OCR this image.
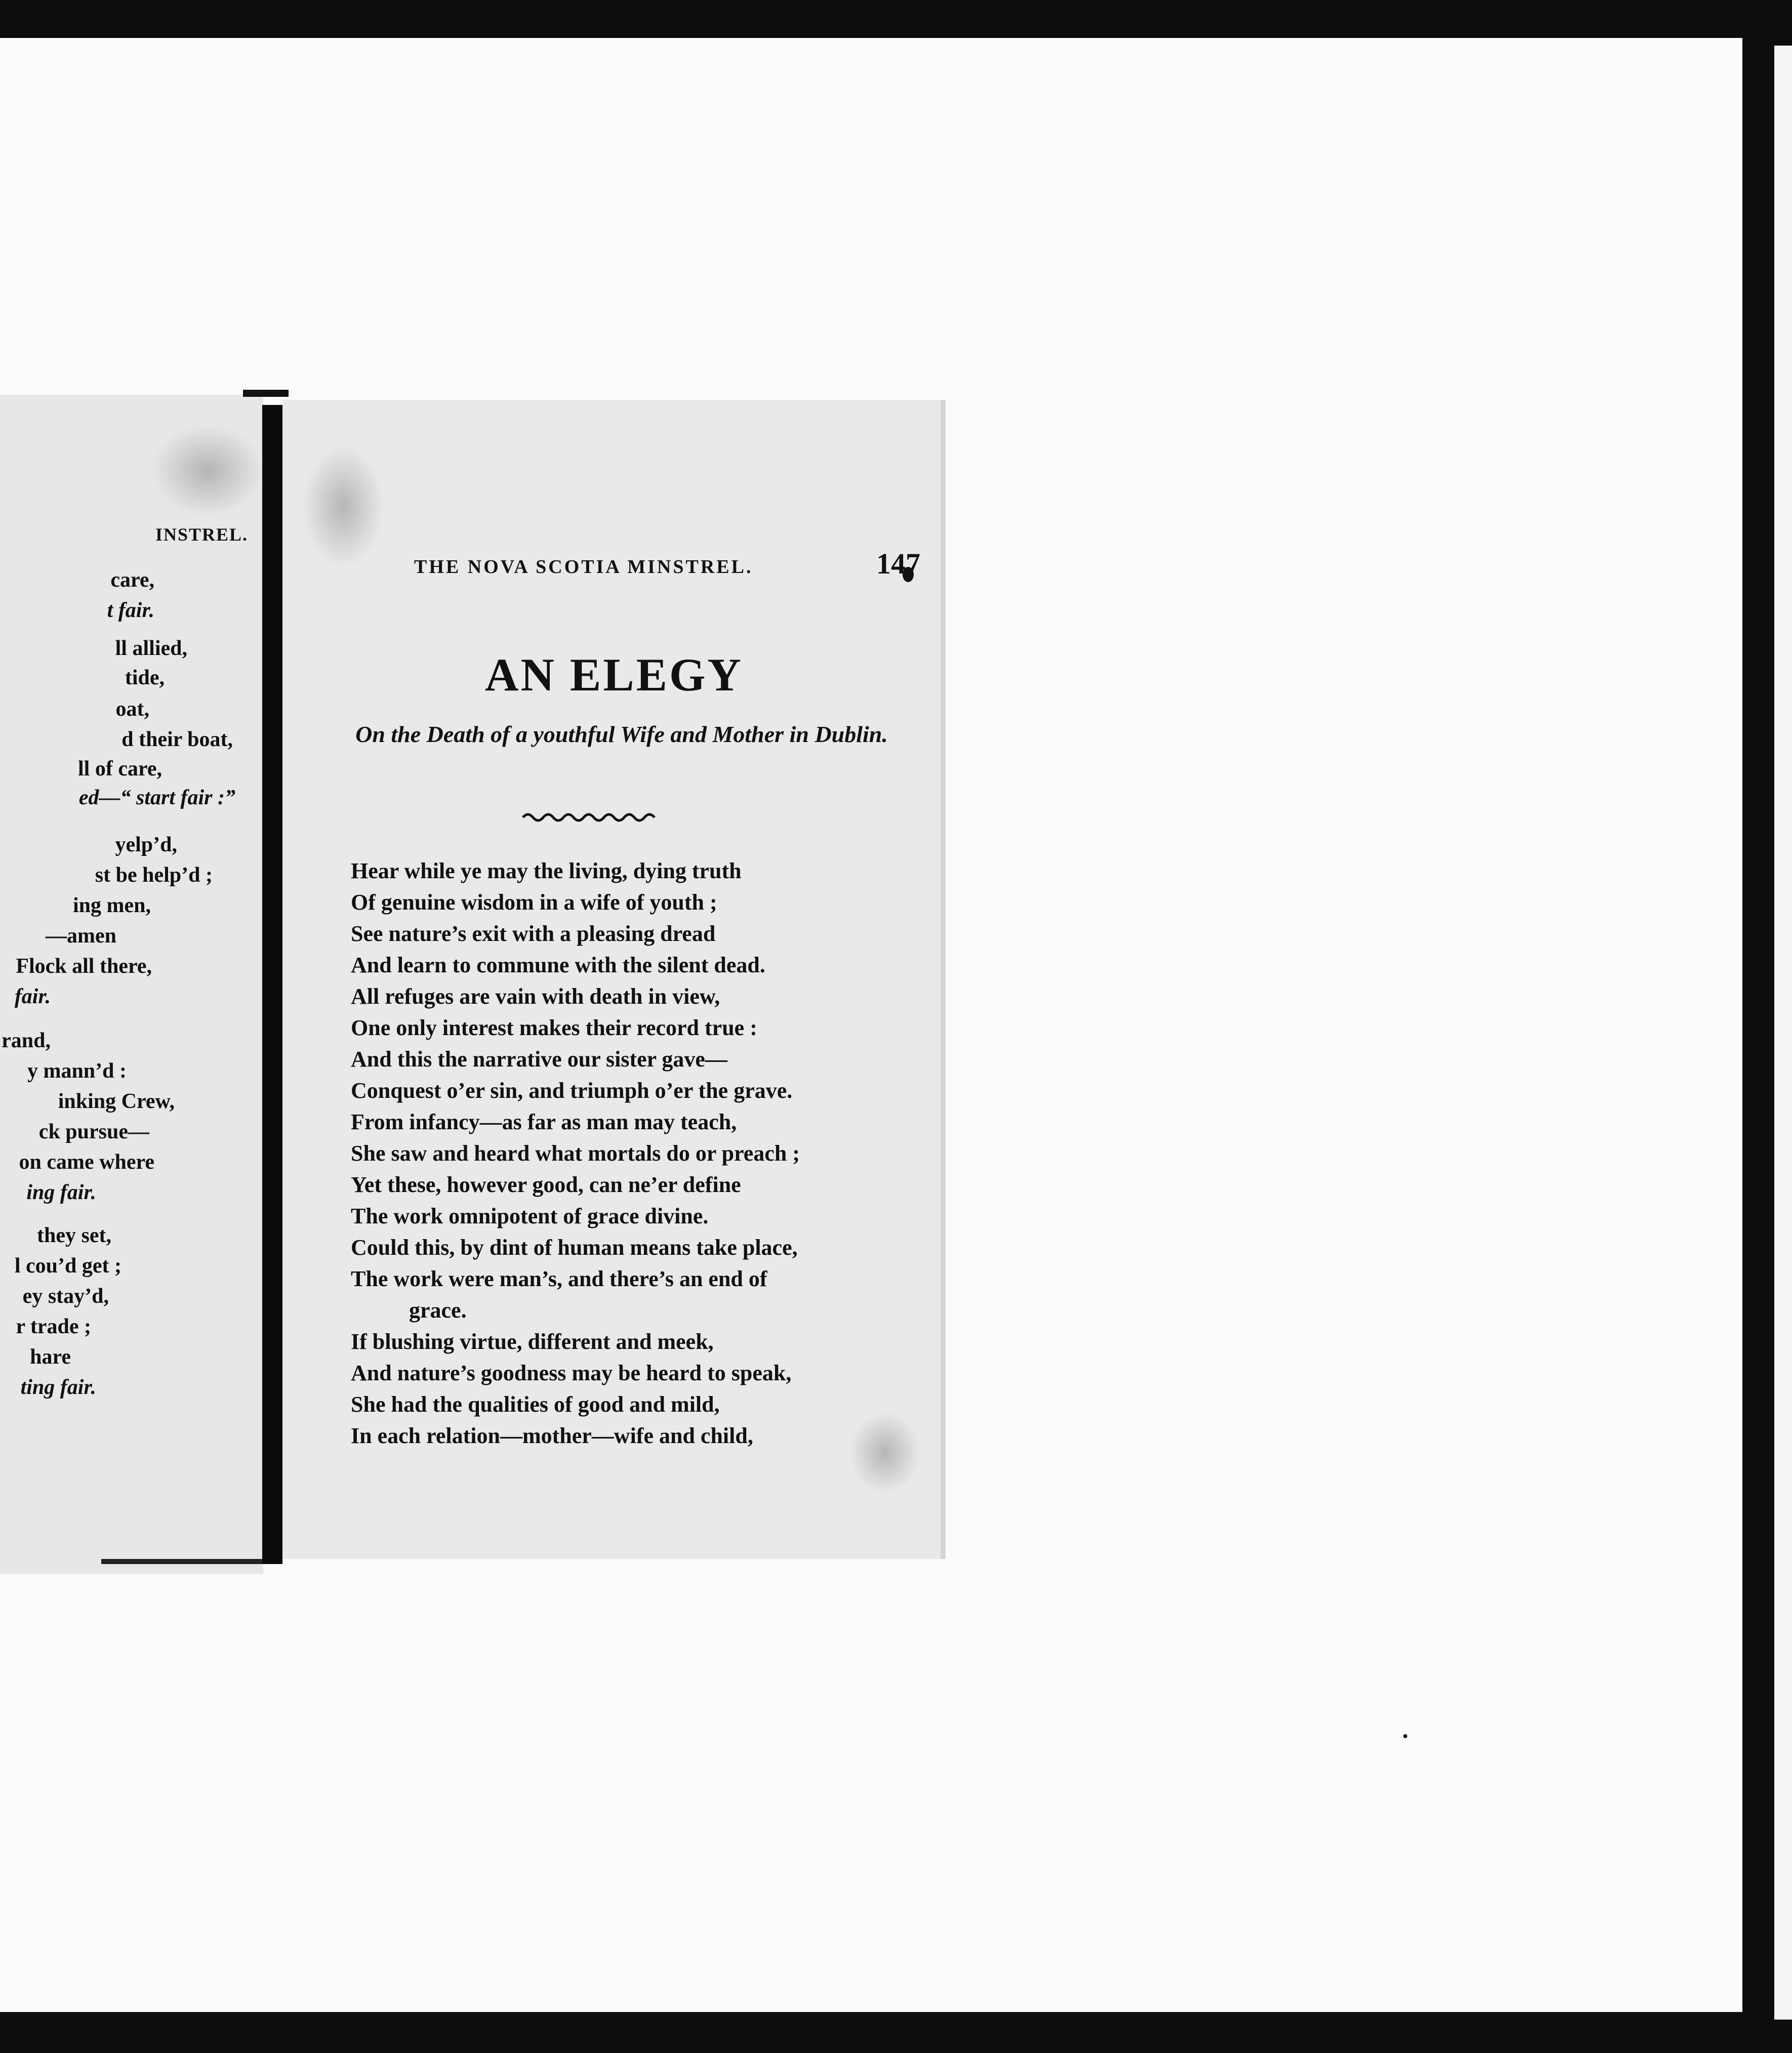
INSTREL.
care,
t fair.
ll allied,
tide,
oat,
d their boat,
ll of care,
ed—“ start fair :”
yelp’d,
st be help’d ;
ing men,
—amen
Flock all there,
fair.
rand,
y mann’d :
inking Crew,
ck pursue—
on came where
ing fair.
they set,
l cou’d get ;
ey stay’d,
r trade ;
hare
ting fair.
THE NOVA SCOTIA MINSTREL.	147
AN ELEGY
On the Death of a youthful Wife and Mother in Dublin.
Hear while ye may the living, dying truth
Of genuine wisdom in a wife of youth ;
See nature’s exit with a pleasing dread
And learn to commune with the silent dead.
All refuges are vain with death in view,
One only interest makes their record true :
And this the narrative our sister gave—
Conquest o’er sin, and triumph o’er the grave.
From infancy—as far as man may teach,
She saw and heard what mortals do or preach ;
Yet these, however good, can ne’er define
The work omnipotent of grace divine.
Could this, by dint of human means take place,
The work were man’s, and there’s an end of
grace.
If blushing virtue, different and meek,
And nature’s goodness may be heard to speak,
She had the qualities of good and mild,
In each relation—mother—wife and child,
